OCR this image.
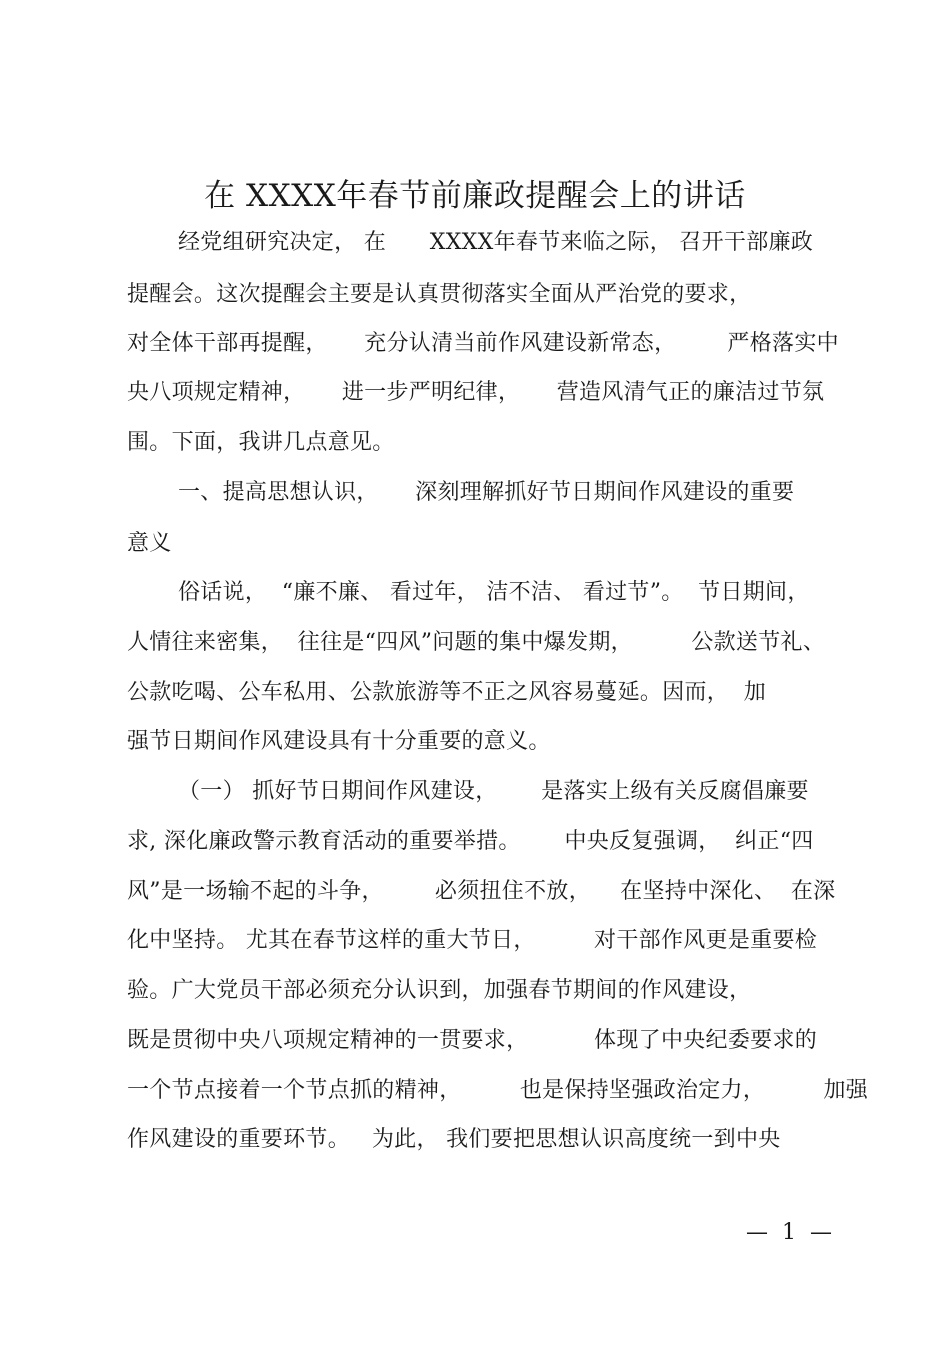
在 XXXX年春节前廉政提醒会上的讲话
经党组研究决定， 在      XXXX年春节来临之际， 召开干部廉政
提醒会。这次提醒会主要是认真贯彻落实全面从严治党的要求，
对全体干部再提醒，     充分认清当前作风建设新常态，       严格落实中
央八项规定精神，     进一步严明纪律，     营造风清气正的廉洁过节氛
围。下面，我讲几点意见。
一、提高思想认识，     深刻理解抓好节日期间作风建设的重要
意义
俗话说，  “廉不廉、 看过年， 洁不洁、 看过节”。  节日期间，
人情往来密集，  往往是“四风”问题的集中爆发期，        公款送节礼、
公款吃喝、公车私用、公款旅游等不正之风容易蔓延。因而，  加
强节日期间作风建设具有十分重要的意义。
（一） 抓好节日期间作风建设，      是落实上级有关反腐倡廉要
求, 深化廉政警示教育活动的重要举措。      中央反复强调，  纠正“四
风”是一场输不起的斗争，       必须扭住不放，    在坚持中深化、  在深
化中坚持。 尤其在春节这样的重大节日，        对干部作风更是重要检
验。广大党员干部必须充分认识到，加强春节期间的作风建设，
既是贯彻中央八项规定精神的一贯要求，         体现了中央纪委要求的
一个节点接着一个节点抓的精神，        也是保持坚强政治定力，        加强
作风建设的重要环节。   为此， 我们要把思想认识高度统一到中央
—  1  —
